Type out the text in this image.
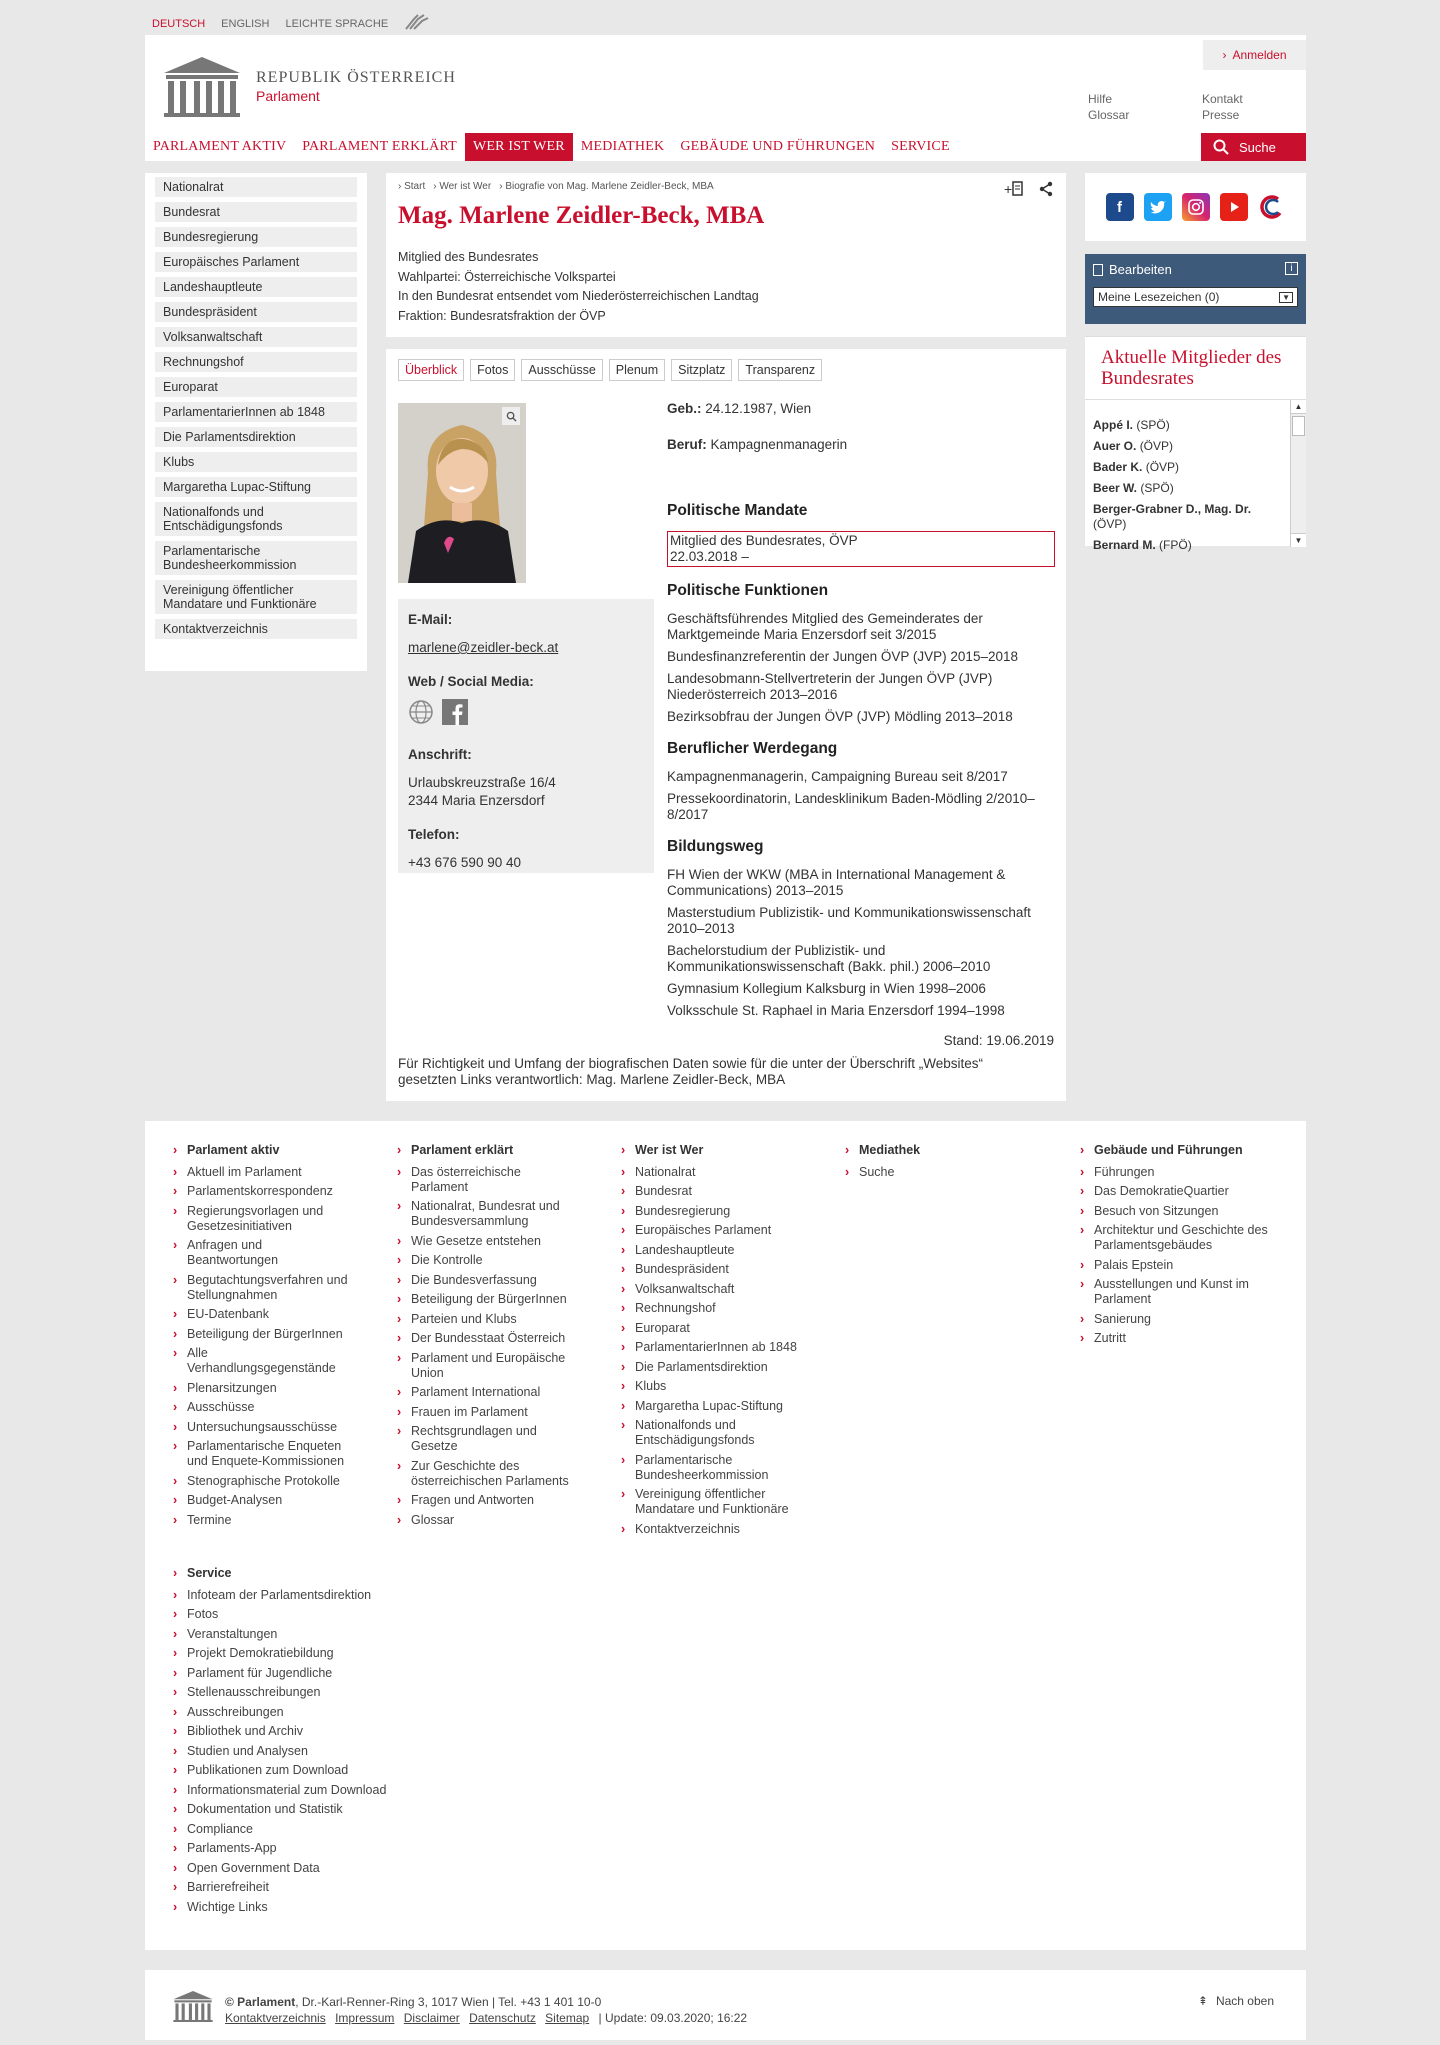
DEUTSCH ENGLISH LEICHTE SPRACHE
REPUBLIK ÖSTERREICH
Parlament
› Anmelden
Hilfe
Glossar
Kontakt
Presse
PARLAMENT AKTIV	PARLAMENT ERKLÄRT	WER IST WER	MEDIATHEK	GEBÄUDE UND FÜHRUNGEN	SERVICE	Suche
Nationalrat
Bundesrat
Bundesregierung
Europäisches Parlament
Landeshauptleute
Bundespräsident
Volksanwaltschaft
Rechnungshof
Europarat
ParlamentarierInnen ab 1848
Die Parlamentsdirektion
Klubs
Margaretha Lupac-Stiftung
Nationalfonds und Entschädigungsfonds
Parlamentarische Bundesheerkommission
Vereinigung öffentlicher Mandatare und Funktionäre
Kontaktverzeichnis
› Start	› Wer ist Wer	› Biografie von Mag. Marlene Zeidler-Beck, MBA	+
Mag. Marlene Zeidler-Beck, MBA
Mitglied des Bundesrates
Wahlpartei: Österreichische Volkspartei
In den Bundesrat entsendet vom Niederösterreichischen Landtag
Fraktion: Bundesratsfraktion der ÖVP
Überblick	Fotos	Ausschüsse	Plenum	Sitzplatz	Transparenz
E-Mail:
marlene@zeidler-beck.at
Web / Social Media:
Anschrift:
Urlaubskreuzstraße 16/4
2344 Maria Enzersdorf
Telefon:
+43 676 590 90 40

Geb.: 24.12.1987, Wien

Beruf: Kampagnenmanagerin

Politische Mandate
Mitglied des Bundesrates, ÖVP
22.03.2018 –
Politische Funktionen

Geschäftsführendes Mitglied des Gemeinderates der Marktgemeinde Maria Enzersdorf seit 3/2015

Bundesfinanzreferentin der Jungen ÖVP (JVP) 2015–2018

Landesobmann-Stellvertreterin der Jungen ÖVP (JVP) Niederösterreich 2013–2016

Bezirksobfrau der Jungen ÖVP (JVP) Mödling 2013–2018

Beruflicher Werdegang

Kampagnenmanagerin, Campaigning Bureau seit 8/2017

Pressekoordinatorin, Landesklinikum Baden-Mödling 2/2010–8/2017

Bildungsweg

FH Wien der WKW (MBA in International Management & Communications) 2013–2015

Masterstudium Publizistik- und Kommunikationswissenschaft 2010–2013

Bachelorstudium der Publizistik- und Kommunikationswissenschaft (Bakk. phil.) 2006–2010

Gymnasium Kollegium Kalksburg in Wien 1998–2006

Volksschule St. Raphael in Maria Enzersdorf 1994–1998

Stand: 19.06.2019
Für Richtigkeit und Umfang der biografischen Daten sowie für die unter der Überschrift „Websites“ gesetzten Links verantwortlich: Mag. Marlene Zeidler-Beck, MBA
f
Bearbeiten	i
Meine Lesezeichen (0)	▼
Aktuelle Mitglieder des Bundesrates
Appé I. (SPÖ)
Auer O. (ÖVP)
Bader K. (ÖVP)
Beer W. (SPÖ)
Berger-Grabner D., Mag. Dr. (ÖVP)
Bernard M. (FPÖ)
▲
▼
› Parlament aktiv
› Aktuell im Parlament
› Parlamentskorrespondenz
› Regierungsvorlagen und Gesetzesinitiativen
› Anfragen und Beantwortungen
› Begutachtungsverfahren und Stellungnahmen
› EU-Datenbank
› Beteiligung der BürgerInnen
› Alle Verhandlungsgegenstände
› Plenarsitzungen
› Ausschüsse
› Untersuchungsausschüsse
› Parlamentarische Enqueten und Enquete-Kommissionen
› Stenographische Protokolle
› Budget-Analysen
› Termine
› Parlament erklärt
› Das österreichische Parlament
› Nationalrat, Bundesrat und Bundesversammlung
› Wie Gesetze entstehen
› Die Kontrolle
› Die Bundesverfassung
› Beteiligung der BürgerInnen
› Parteien und Klubs
› Der Bundesstaat Österreich
› Parlament und Europäische Union
› Parlament International
› Frauen im Parlament
› Rechtsgrundlagen und Gesetze
› Zur Geschichte des österreichischen Parlaments
› Fragen und Antworten
› Glossar
› Wer ist Wer
› Nationalrat
› Bundesrat
› Bundesregierung
› Europäisches Parlament
› Landeshauptleute
› Bundespräsident
› Volksanwaltschaft
› Rechnungshof
› Europarat
› ParlamentarierInnen ab 1848
› Die Parlamentsdirektion
› Klubs
› Margaretha Lupac-Stiftung
› Nationalfonds und Entschädigungsfonds
› Parlamentarische Bundesheerkommission
› Vereinigung öffentlicher Mandatare und Funktionäre
› Kontaktverzeichnis
› Mediathek
› Suche
› Gebäude und Führungen
› Führungen
› Das DemokratieQuartier
› Besuch von Sitzungen
› Architektur und Geschichte des Parlamentsgebäudes
› Palais Epstein
› Ausstellungen und Kunst im Parlament
› Sanierung
› Zutritt
› Service
› Infoteam der Parlamentsdirektion
› Fotos
› Veranstaltungen
› Projekt Demokratiebildung
› Parlament für Jugendliche
› Stellenausschreibungen
› Ausschreibungen
› Bibliothek und Archiv
› Studien und Analysen
› Publikationen zum Download
› Informationsmaterial zum Download
› Dokumentation und Statistik
› Compliance
› Parlaments-App
› Open Government Data
› Barrierefreiheit
› Wichtige Links
© Parlament, Dr.-Karl-Renner-Ring 3, 1017 Wien | Tel. +43 1 401 10-0
Kontaktverzeichnis Impressum Disclaimer Datenschutz Sitemap | Update: 09.03.2020; 16:22
⇞ Nach oben
